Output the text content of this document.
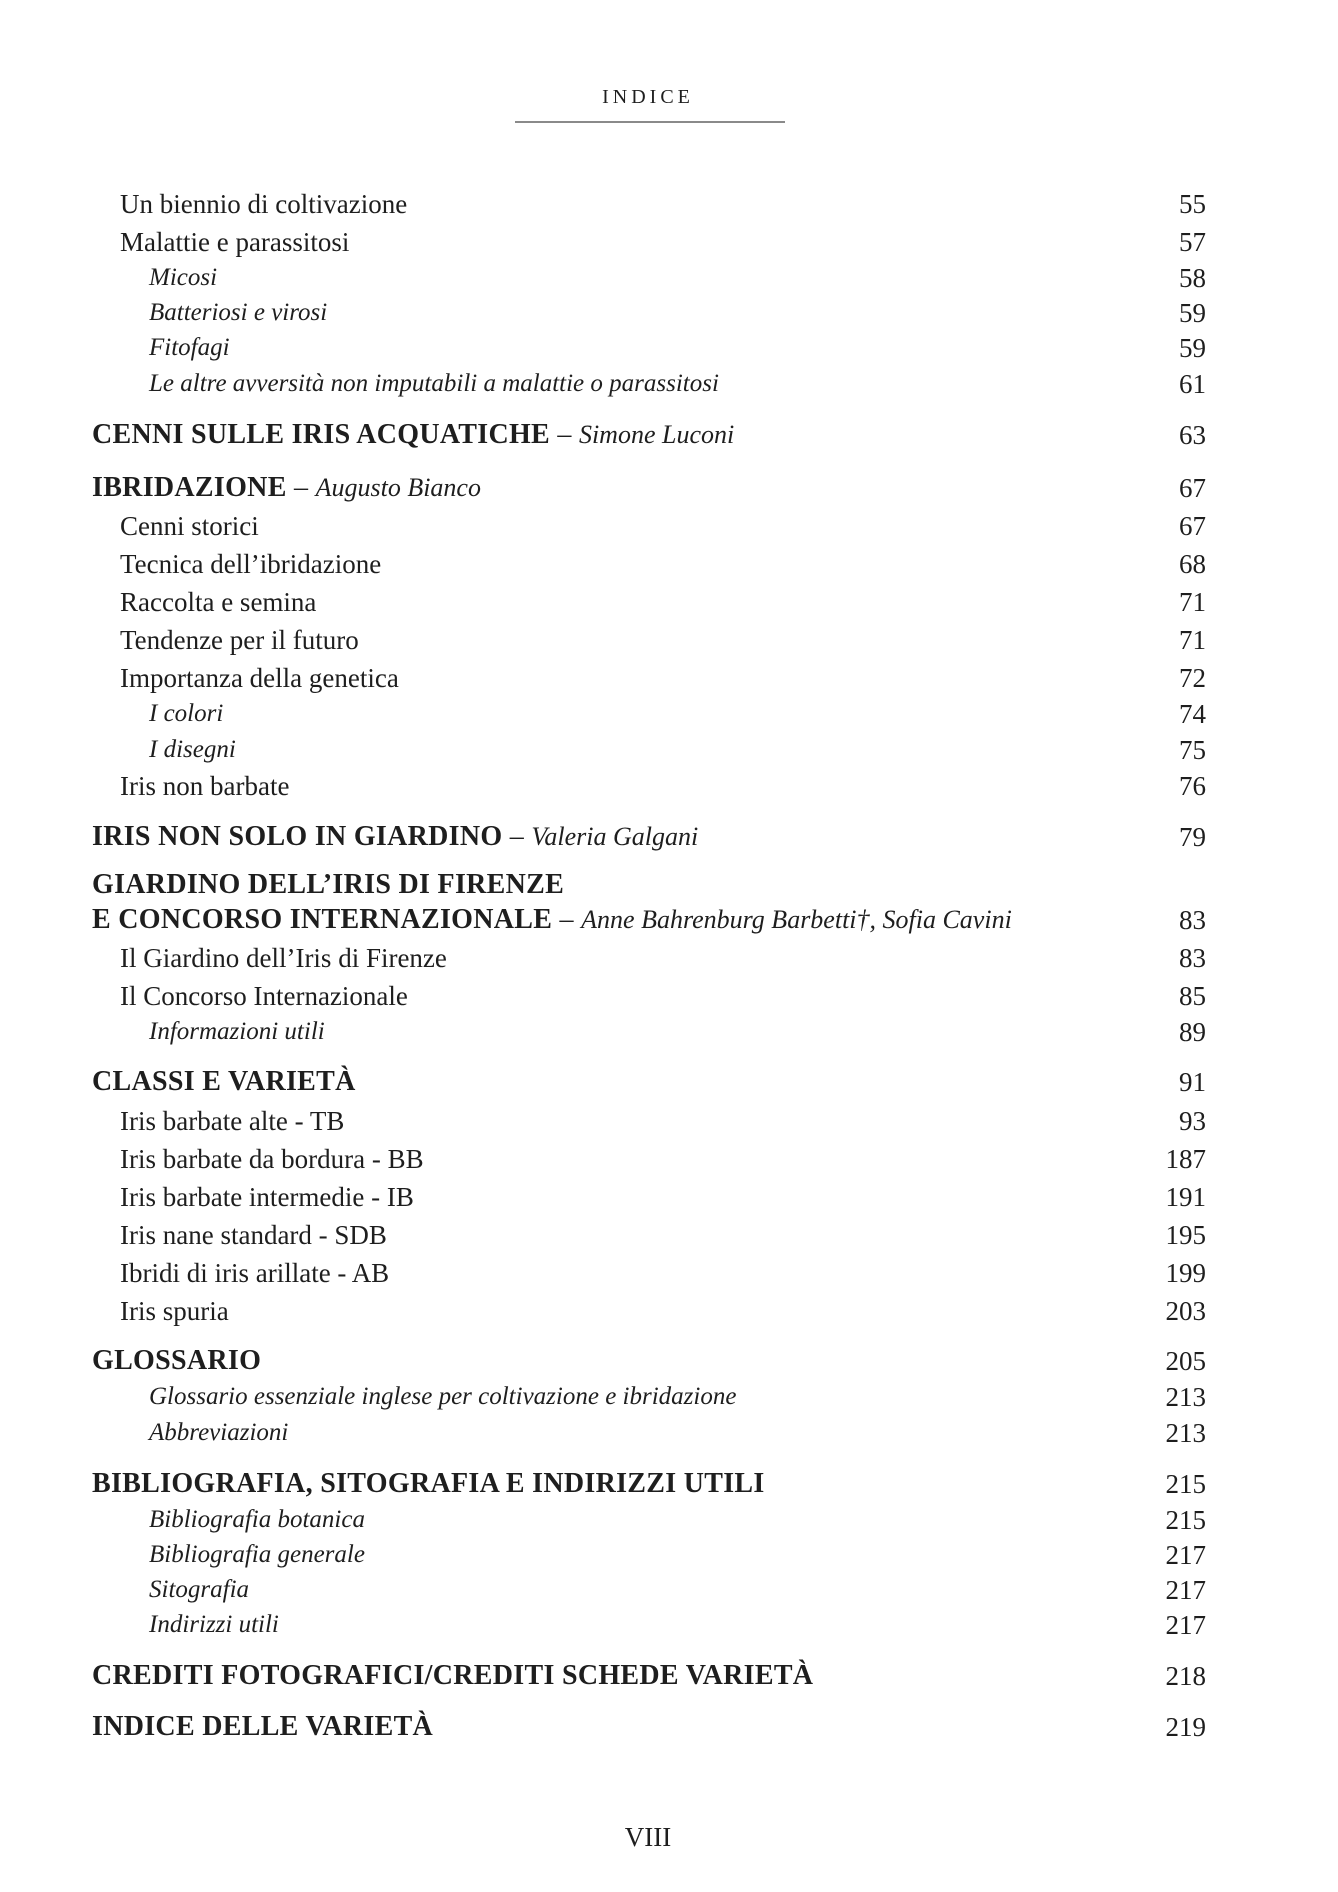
INDICE
Un biennio di coltivazione	55
Malattie e parassitosi	57
Micosi	58
Batteriosi e virosi	59
Fitofagi	59
Le altre avversità non imputabili a malattie o parassitosi	61
CENNI SULLE IRIS ACQUATICHE – Simone Luconi	63
IBRIDAZIONE – Augusto Bianco	67
Cenni storici	67
Tecnica dell’ibridazione	68
Raccolta e semina	71
Tendenze per il futuro	71
Importanza della genetica	72
I colori	74
I disegni	75
Iris non barbate	76
IRIS NON SOLO IN GIARDINO – Valeria Galgani	79
GIARDINO DELL’IRIS DI FIRENZE
E CONCORSO INTERNAZIONALE – Anne Bahrenburg Barbetti†, Sofia Cavini	83
Il Giardino dell’Iris di Firenze	83
Il Concorso Internazionale	85
Informazioni utili	89
CLASSI E VARIETÀ	91
Iris barbate alte - TB	93
Iris barbate da bordura - BB	187
Iris barbate intermedie - IB	191
Iris nane standard - SDB	195
Ibridi di iris arillate - AB	199
Iris spuria	203
GLOSSARIO	205
Glossario essenziale inglese per coltivazione e ibridazione	213
Abbreviazioni	213
BIBLIOGRAFIA, SITOGRAFIA E INDIRIZZI UTILI	215
Bibliografia botanica	215
Bibliografia generale	217
Sitografia	217
Indirizzi utili	217
CREDITI FOTOGRAFICI/CREDITI SCHEDE VARIETÀ	218
INDICE DELLE VARIETÀ	219
VIII
